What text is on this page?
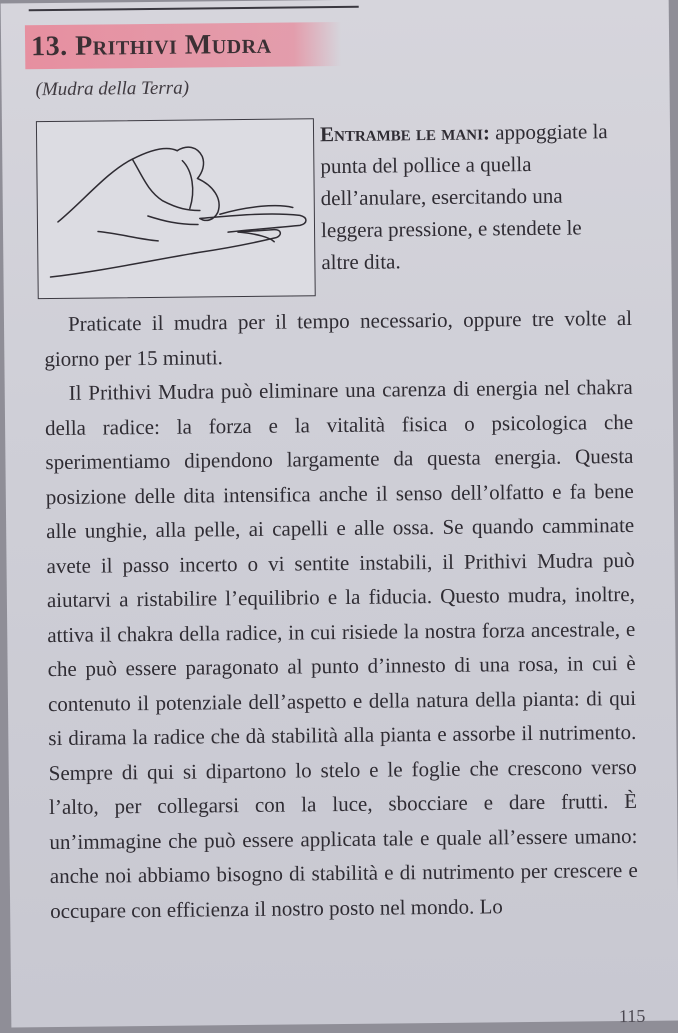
13. Prithivi Mudra
(Mudra della Terra)
Entrambe le mani: appoggiate la punta del pollice a quella dell’anulare, esercitando una leggera pressione, e stendete le altre dita.

Praticate il mudra per il tempo necessario, oppure tre volte al giorno per 15 minuti.

Il Prithivi Mudra può eliminare una carenza di energia nel chakra della radice: la forza e la vitalità fisica o psicologica che sperimentiamo dipendono largamente da questa energia. Questa posizione delle dita intensifica anche il senso dell’olfatto e fa bene alle unghie, alla pelle, ai capelli e alle ossa. Se quando camminate avete il passo incerto o vi sentite instabili, il Prithivi Mudra può aiutarvi a ristabilire l’equilibrio e la fiducia. Questo mudra, inoltre, attiva il chakra della radice, in cui risiede la nostra forza ancestrale, e che può essere paragonato al punto d’innesto di una rosa, in cui è contenuto il potenziale dell’aspetto e della natura della pianta: di qui si dirama la radice che dà stabilità alla pianta e assorbe il nutrimento. Sempre di qui si dipartono lo stelo e le foglie che crescono verso l’alto, per collegarsi con la luce, sbocciare e dare frutti. È un’immagine che può essere applicata tale e quale all’essere umano: anche noi abbiamo bisogno di stabilità e di nutrimento per crescere e occupare con efficienza il nostro posto nel mondo. Lo

115
